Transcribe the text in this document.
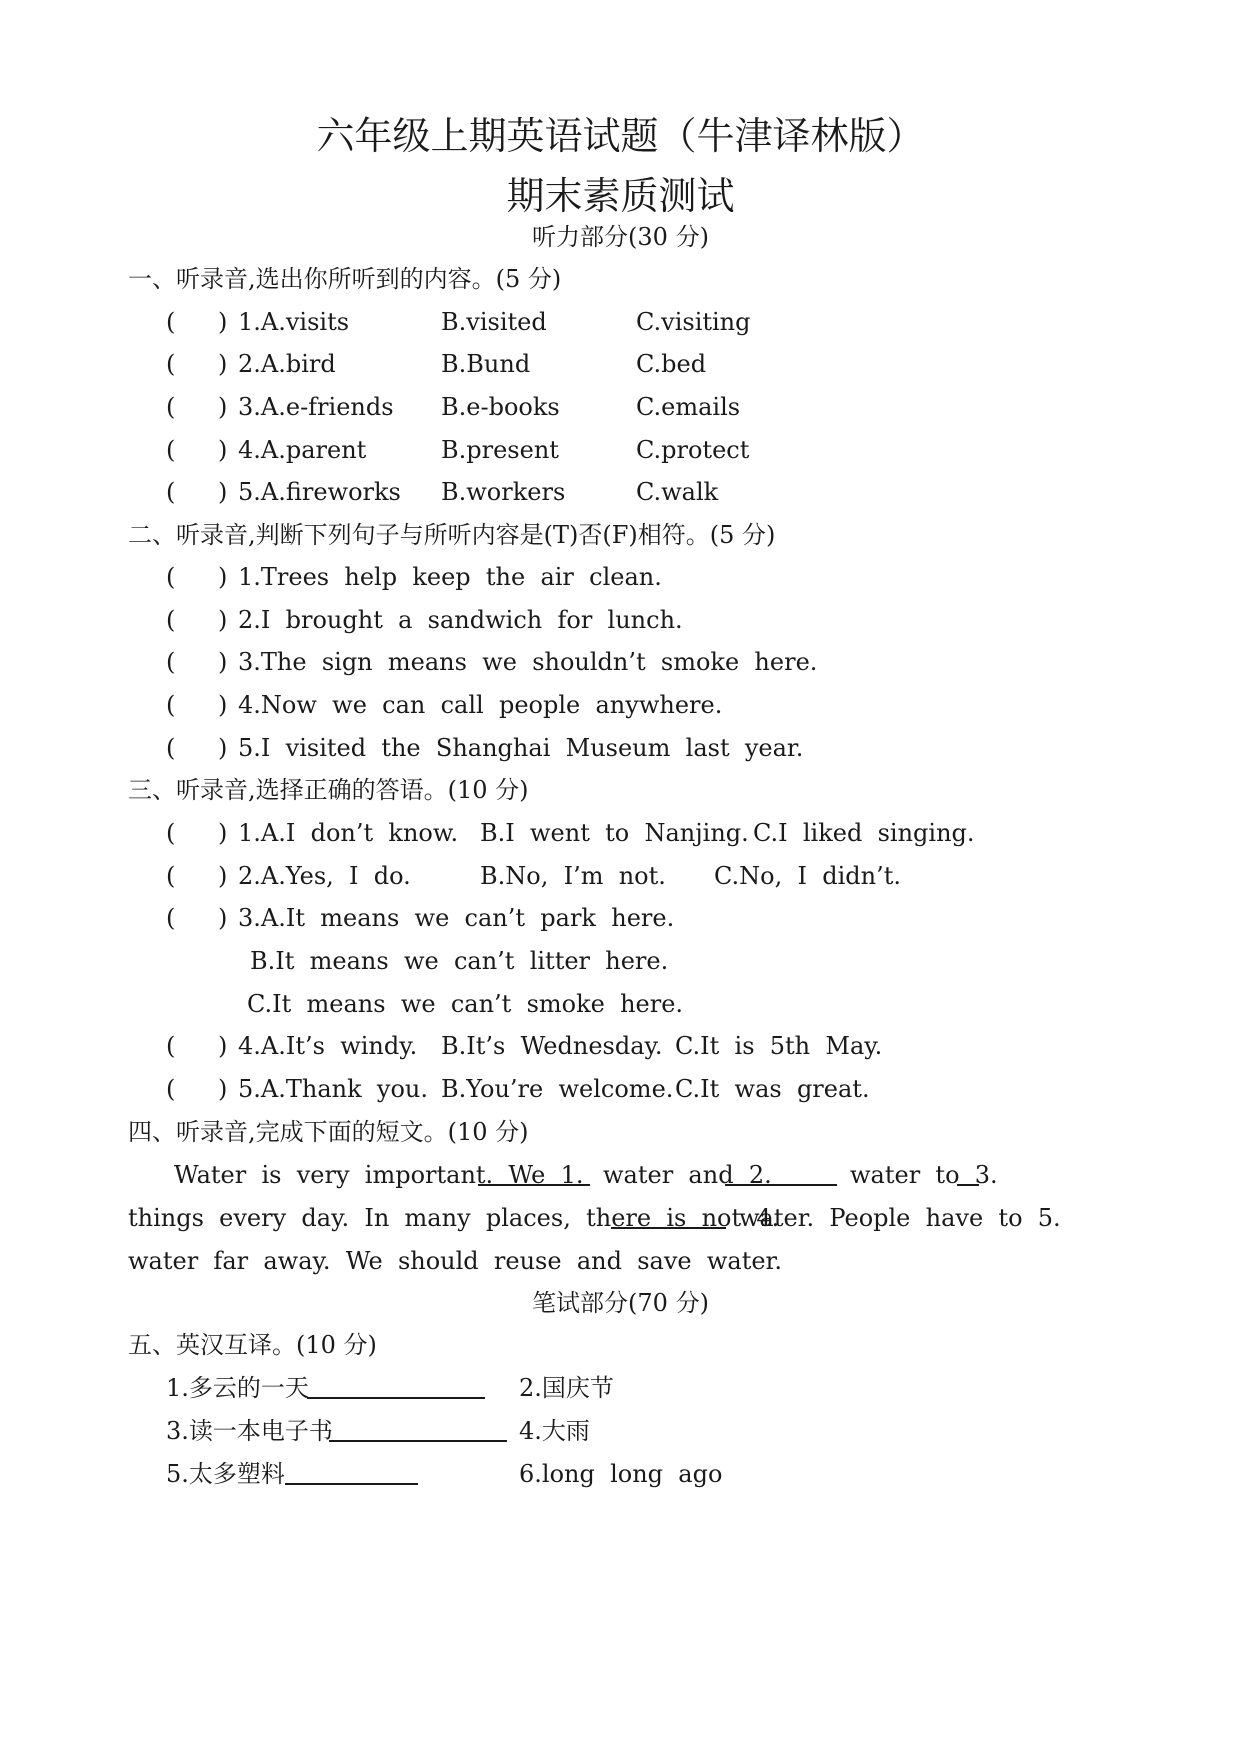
六年级上期英语试题（牛津译林版）
期末素质测试
听力部分(30 分)
一、听录音,选出你所听到的内容。(5 分)
( ) 1.A.visits	B.visited	C.visiting
( ) 2.A.bird	B.Bund	C.bed
( ) 3.A.e-friends B.e-books	C.emails
( ) 4.A.parent	B.present	C.protect
( ) 5.A.fireworks B.workers	C.walk
二、听录音,判断下列句子与所听内容是(T)否(F)相符。(5 分)
( ) 1.Trees  help  keep  the  air  clean.
( ) 2.I  brought  a  sandwich  for  lunch.
( ) 3.The  sign  means  we  shouldn’t  smoke  here.
( ) 4.Now  we  can  call  people  anywhere.
( ) 5.I  visited  the  Shanghai  Museum  last  year.
三、听录音,选择正确的答语。(10 分)
( ) 1.A.I  don’t  know. B.I  went  to  Nanjing. C.I  liked  singing.
( ) 2.A.Yes,  I  do.	B.No,  I’m  not. C.No,  I  didn’t.
( ) 3.A.It  means  we  can’t  park  here.
B.It  means  we  can’t  litter  here.
C.It  means  we  can’t  smoke  here.
( ) 4.A.It’s  windy. B.It’s  Wednesday. C.It  is  5th  May.
( ) 5.A.Thank  you. B.You’re  welcome. C.It  was  great.
四、听录音,完成下面的短文。(10 分)
Water  is  very  important.  We  1. water  and  2.	water  to  3.
things  every  day.  In  many  places,  there  is  not  4.
water.  People  have  to  5.
water  far  away.  We  should  reuse  and  save  water.
笔试部分(70 分)
五、英汉互译。(10 分)
1.多云的一天	2.国庆节
3.读一本电子书	4.大雨
5.太多塑料	6.long  long  ago
